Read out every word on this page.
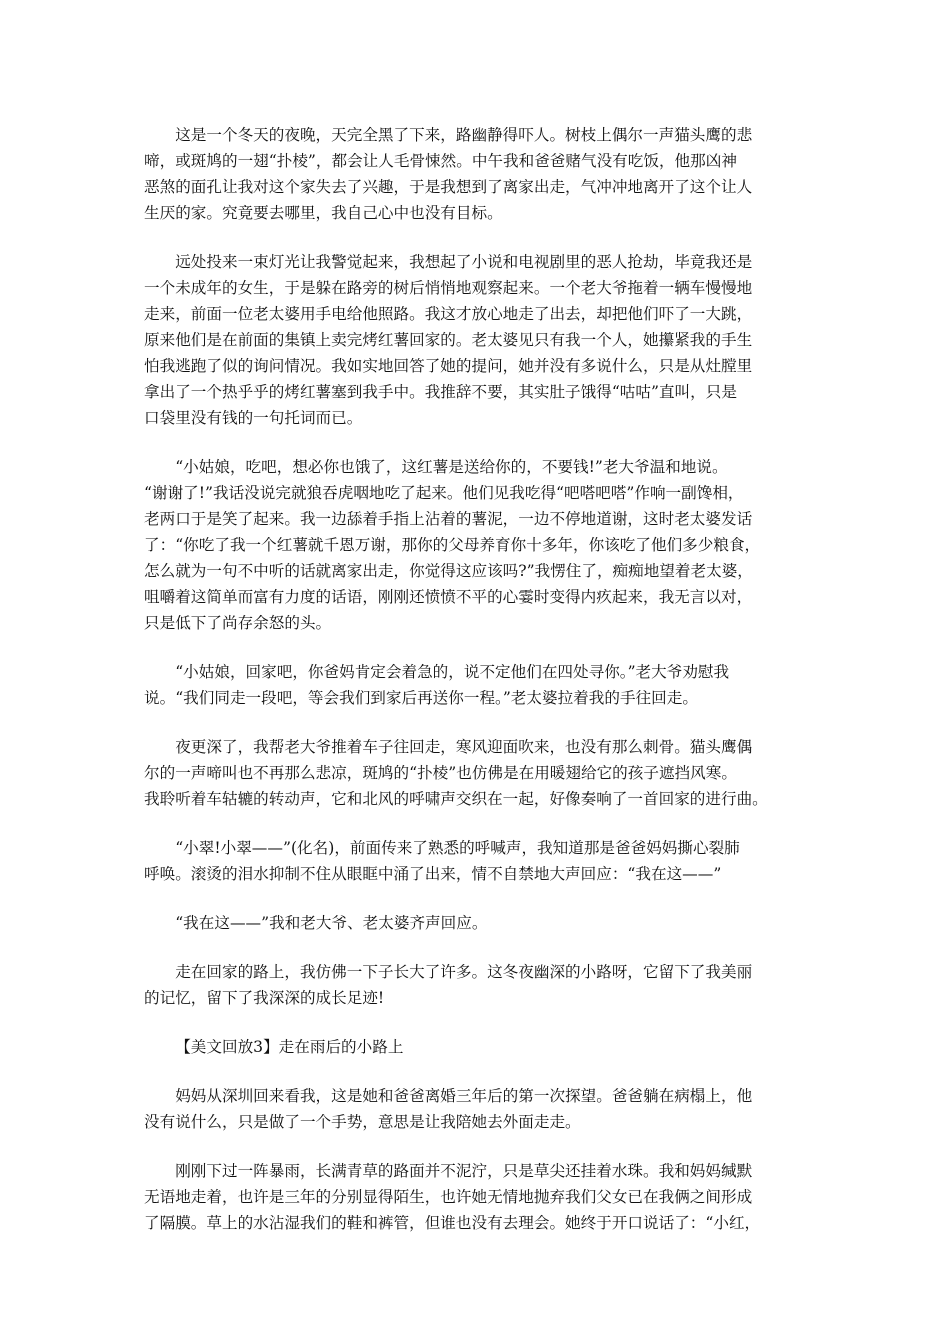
这是一个冬天的夜晚，天完全黑了下来，路幽静得吓人。树枝上偶尔一声猫头鹰的悲
啼，或斑鸠的一翅“扑棱”，都会让人毛骨悚然。中午我和爸爸赌气没有吃饭，他那凶神
恶煞的面孔让我对这个家失去了兴趣，于是我想到了离家出走，气冲冲地离开了这个让人
生厌的家。究竟要去哪里，我自己心中也没有目标。

远处投来一束灯光让我警觉起来，我想起了小说和电视剧里的恶人抢劫，毕竟我还是
一个未成年的女生，于是躲在路旁的树后悄悄地观察起来。一个老大爷拖着一辆车慢慢地
走来，前面一位老太婆用手电给他照路。我这才放心地走了出去，却把他们吓了一大跳，
原来他们是在前面的集镇上卖完烤红薯回家的。老太婆见只有我一个人，她攥紧我的手生
怕我逃跑了似的询问情况。我如实地回答了她的提问，她并没有多说什么，只是从灶膛里
拿出了一个热乎乎的烤红薯塞到我手中。我推辞不要，其实肚子饿得“咕咕”直叫，只是
口袋里没有钱的一句托词而已。

“小姑娘，吃吧，想必你也饿了，这红薯是送给你的，不要钱!”老大爷温和地说。
“谢谢了!”我话没说完就狼吞虎咽地吃了起来。他们见我吃得“吧嗒吧嗒”作响一副馋相，
老两口于是笑了起来。我一边舔着手指上沾着的薯泥，一边不停地道谢，这时老太婆发话
了：“你吃了我一个红薯就千恩万谢，那你的父母养育你十多年，你该吃了他们多少粮食，
怎么就为一句不中听的话就离家出走，你觉得这应该吗?”我愣住了，痴痴地望着老太婆，
咀嚼着这简单而富有力度的话语，刚刚还愤愤不平的心霎时变得内疚起来，我无言以对，
只是低下了尚存余怒的头。

“小姑娘，回家吧，你爸妈肯定会着急的，说不定他们在四处寻你。”老大爷劝慰我
说。“我们同走一段吧，等会我们到家后再送你一程。”老太婆拉着我的手往回走。

夜更深了，我帮老大爷推着车子往回走，寒风迎面吹来，也没有那么刺骨。猫头鹰偶
尔的一声啼叫也不再那么悲凉，斑鸠的“扑棱”也仿佛是在用暖翅给它的孩子遮挡风寒。
我聆听着车轱辘的转动声，它和北风的呼啸声交织在一起，好像奏响了一首回家的进行曲。

“小翠!小翠——”(化名)，前面传来了熟悉的呼喊声，我知道那是爸爸妈妈撕心裂肺
呼唤。滚烫的泪水抑制不住从眼眶中涌了出来，情不自禁地大声回应：“我在这——”

“我在这——”我和老大爷、老太婆齐声回应。

走在回家的路上，我仿佛一下子长大了许多。这冬夜幽深的小路呀，它留下了我美丽
的记忆，留下了我深深的成长足迹!

【美文回放3】走在雨后的小路上

妈妈从深圳回来看我，这是她和爸爸离婚三年后的第一次探望。爸爸躺在病榻上，他
没有说什么，只是做了一个手势，意思是让我陪她去外面走走。

刚刚下过一阵暴雨，长满青草的路面并不泥泞，只是草尖还挂着水珠。我和妈妈缄默
无语地走着，也许是三年的分别显得陌生，也许她无情地抛弃我们父女已在我俩之间形成
了隔膜。草上的水沾湿我们的鞋和裤管，但谁也没有去理会。她终于开口说话了：“小红，
